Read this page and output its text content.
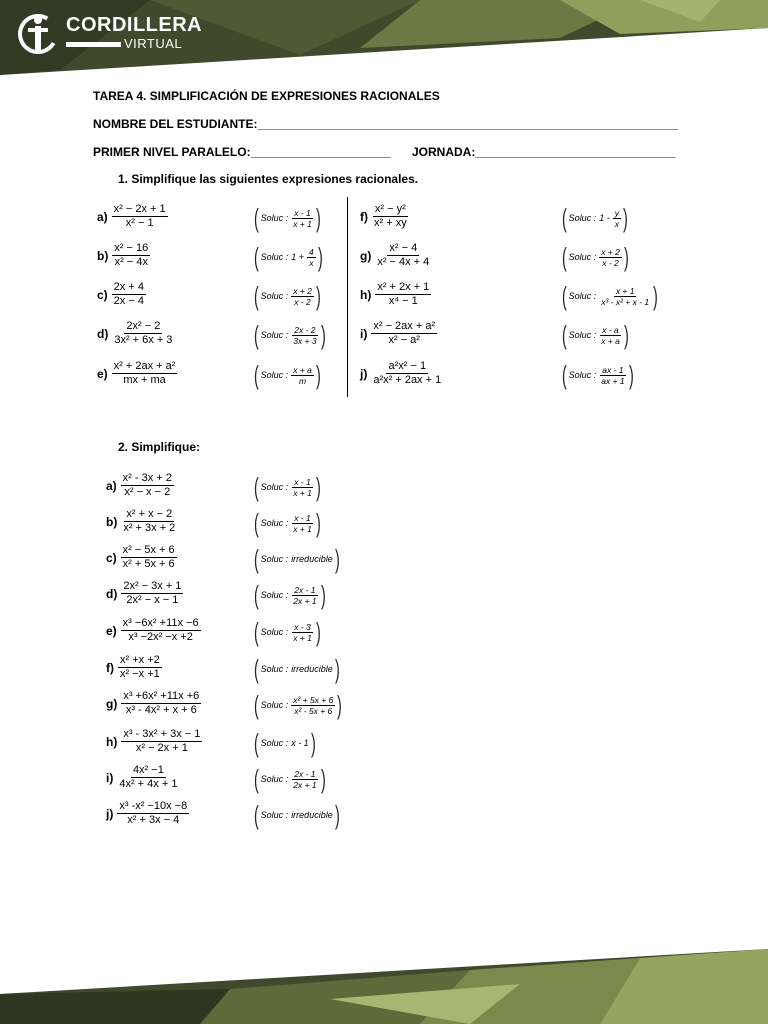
CORDILLERA
VIRTUAL
TAREA 4. SIMPLIFICACIÓN DE EXPRESIONES RACIONALES
NOMBRE DEL ESTUDIANTE:_______________________________________________________________
PRIMER NIVEL PARALELO:_____________________ JORNADA:______________________________
1. Simplifique las siguientes expresiones racionales.
$a) \frac{\text{x² − 2x + 1}}{\text{x² − 1}}$	( Soluc : $\frac{x - 1}{x + 1}$ )
$b) \frac{\text{x² − 16}}{\text{x² − 4x}}$	( Soluc : $1 + \frac{4}{x}$ )
$c) \frac{2x + 4}{2x - 4}$	( Soluc : $\frac{x + 2}{x - 2}$ )
$d) \frac{\text{2x² − 2}}{\text{3x² + 6x + 3}}$	( Soluc : $\frac{2x - 2}{3x + 3}$ )
$e) \frac{\text{x² + 2ax + a²}}{mx + ma}$	( Soluc : $\frac{x + a}{m}$ )
$f) \frac{\text{x² − y²}}{\text{x² + xy}}$	( Soluc : $1 - \frac{y}{x}$ )
$g) \frac{\text{x² − 4}}{\text{x² − 4x + 4}}$	( Soluc : $\frac{x + 2}{x - 2}$ )
$h) \frac{\text{x² + 2x + 1}}{\text{x⁴ − 1}}$	( Soluc : $\frac{x + 1}{\text{x³ - x² + x - 1}}$ )
$i) \frac{\text{x² − 2ax + a²}}{\text{x² − a²}}$	( Soluc : $\frac{x - a}{x + a}$ )
$j) \frac{\text{a²x² − 1}}{\text{a²x² + 2ax + 1}}$	( Soluc : $\frac{ax - 1}{ax + 1}$ )
2. Simplifique:
$a) \frac{\text{x² - 3x + 2}}{\text{x² − x − 2}}$	( Soluc : $\frac{x - 1}{x + 1}$ )
$b) \frac{\text{x² + x − 2}}{\text{x² + 3x + 2}}$	( Soluc : $\frac{x - 1}{x + 1}$ )
$c) \frac{\text{x² − 5x + 6}}{\text{x² + 5x + 6}}$	( Soluc : irreducible )
$d) \frac{\text{2x² − 3x + 1}}{\text{2x² − x − 1}}$	( Soluc : $\frac{2x - 1}{2x + 1}$ )
$e) \frac{\text{x³ −6x² +11x −6}}{\text{x³ −2x² −x +2}}$ ( Soluc : $\frac{x - 3}{x + 1}$ )
$f) \frac{\text{x² +x +2}}{\text{x² −x +1}}$	( Soluc : irreducible )
$g) \frac{\text{x³ +6x² +11x +6}}{\text{x³ - 4x² + x + 6}}$ ( Soluc : $\frac{\text{x² + 5x + 6}}{\text{x² - 5x + 6}}$ )
$h) \frac{\text{x³ - 3x² + 3x − 1}}{\text{x² − 2x + 1}}$ ( Soluc : x - 1 )
$i) \frac{\text{4x² −1}}{\text{4x² + 4x + 1}}$	( Soluc : $\frac{2x - 1}{2x + 1}$ )
$j) \frac{\text{x³ -x² −10x −8}}{\text{x² + 3x − 4}}$ ( Soluc : irreducible )
